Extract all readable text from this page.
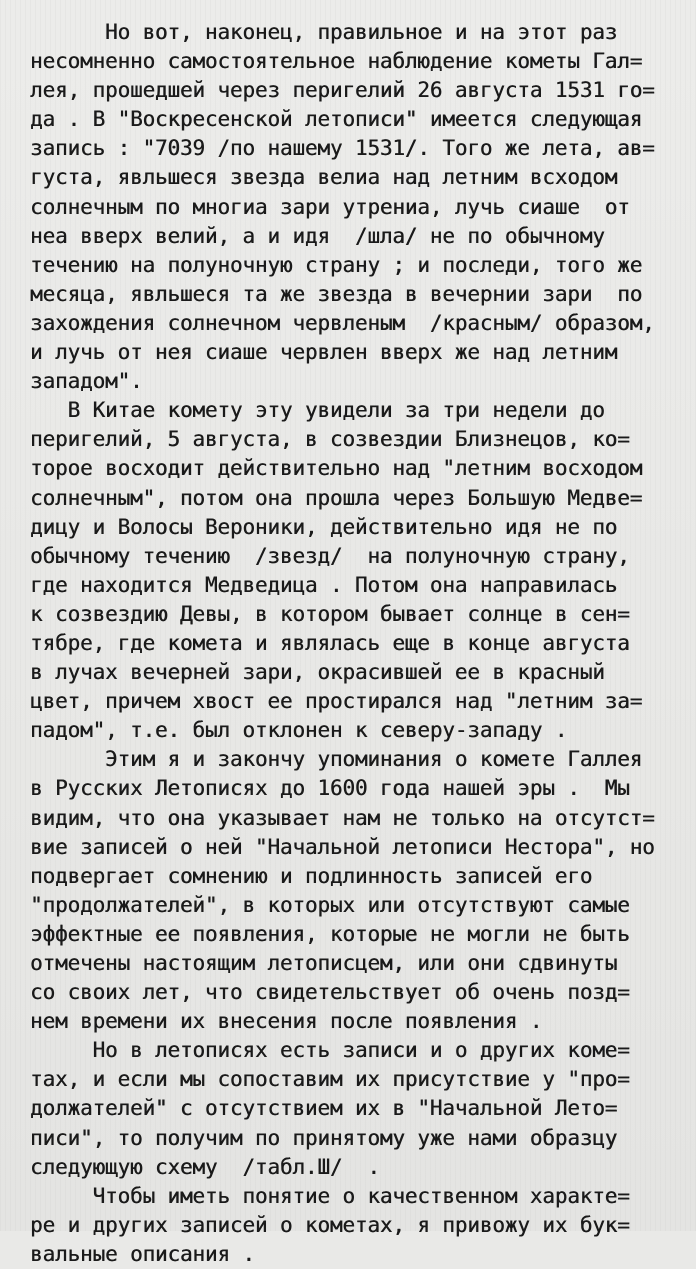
Но вот, наконец, правильное и на этот раз
несомненно самостоятельное наблюдение кометы Гал=
лея, прошедшей через перигелий 26 августа 1531 го=
да . В "Воскресенской летописи" имеется следующая
запись : "7039 /по нашему 1531/. Того же лета, ав=
густа, явльшеся звезда велиа над летним всходом
солнечным по многиа зари утрениа, лучь сиаше  от
неа вверх велий, а и идя  /шла/ не по обычному
течению на полуночную страну ; и последи, того же
месяца, явльшеся та же звезда в вечернии зари  по
захождения солнечном червленым  /красным/ образом,
и лучь от нея сиаше червлен вверх же над летним
западом".
В Китае комету эту увидели за три недели до
перигелий, 5 августа, в созвездии Близнецов, ко=
торое восходит действительно над "летним восходом
солнечным", потом она прошла через Большую Медве=
дицу и Волосы Вероники, действительно идя не по
обычному течению  /звезд/  на полуночную страну,
где находится Медведица . Потом она направилась
к созвездию Девы, в котором бывает солнце в сен=
тябре, где комета и являлась еще в конце августа
в лучах вечерней зари, окрасившей ее в красный
цвет, причем хвост ее простирался над "летним за=
падом", т.е. был отклонен к северу-западу .
Этим я и закончу упоминания о комете Галлея
в Русских Летописях до 1600 года нашей эры .  Мы
видим, что она указывает нам не только на отсутст=
вие записей о ней "Начальной летописи Нестора", но
подвергает сомнению и подлинность записей его
"продолжателей", в которых или отсутствуют самые
эффектные ее появления, которые не могли не быть
отмечены настоящим летописцем, или они сдвинуты
со своих лет, что свидетельствует об очень позд=
нем времени их внесения после появления .
Но в летописях есть записи и о других коме=
тах, и если мы сопоставим их присутствие у "про=
должателей" с отсутствием их в "Начальной Лето=
писи", то получим по принятому уже нами образцу
следующую схему  /табл.Ш/  .
Чтобы иметь понятие о качественном характе=
ре и других записей о кометах, я привожу их бук=
вальные описания .
